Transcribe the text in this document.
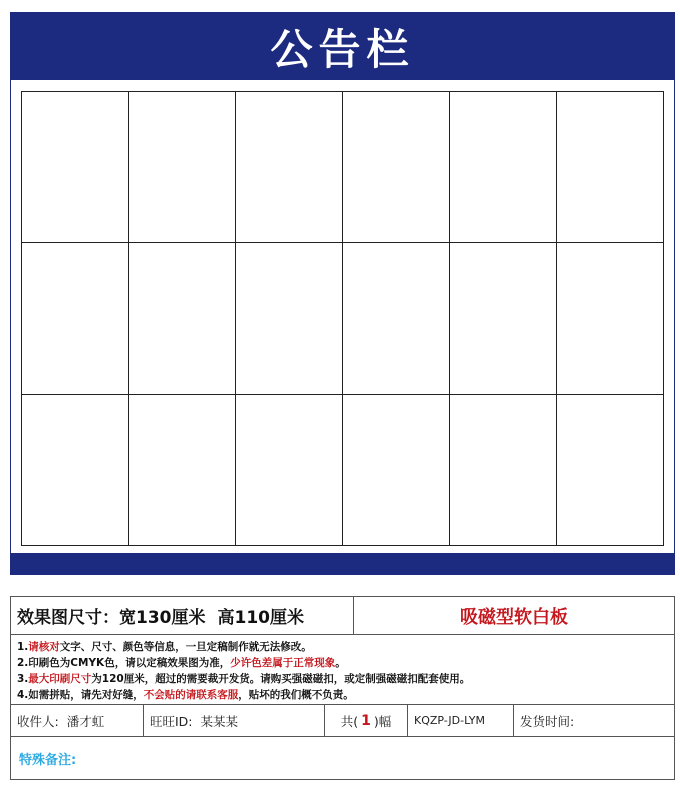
公告栏
效果图尺寸： 宽130厘米 高110厘米	吸磁型软白板
1.请核对文字、尺寸、颜色等信息，一旦定稿制作就无法修改。
2.印刷色为CMYK色，请以定稿效果图为准，少许色差属于正常现象。
3.最大印刷尺寸为120厘米，超过的需要裁开发货。请购买强磁磁扣，或定制强磁磁扣配套使用。
4.如需拼贴，请先对好缝，不会贴的请联系客服，贴坏的我们概不负责。
收件人: 潘才虹	旺旺ID: 某某某	共( 1 )幅	KQZP-JD-LYM	发货时间:
特殊备注:
